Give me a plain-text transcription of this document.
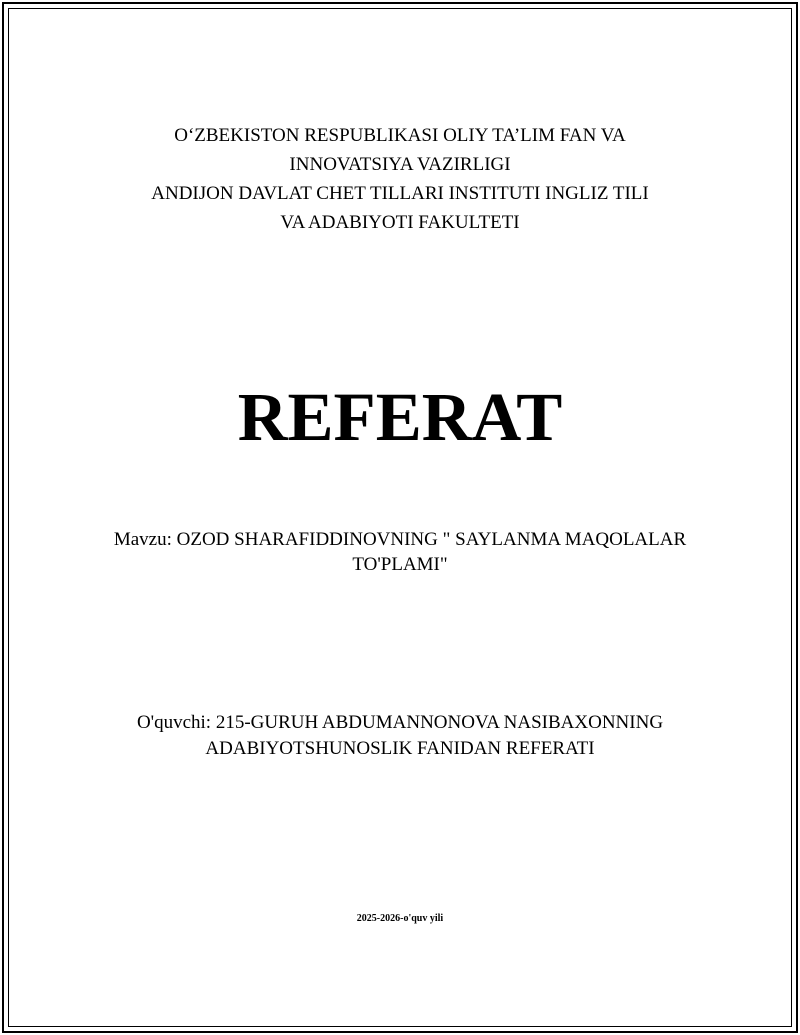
O‘ZBEKISTON RESPUBLIKASI OLIY TA’LIM FAN VA
INNOVATSIYA VAZIRLIGI
ANDIJON DAVLAT CHET TILLARI INSTITUTI INGLIZ TILI
VA ADABIYOTI FAKULTETI
REFERAT
Mavzu: OZOD SHARAFIDDINOVNING " SAYLANMA MAQOLALAR
TO'PLAMI"
O'quvchi: 215-GURUH ABDUMANNONOVA NASIBAXONNING
ADABIYOTSHUNOSLIK FANIDAN REFERATI
2025-2026-o'quv yili
